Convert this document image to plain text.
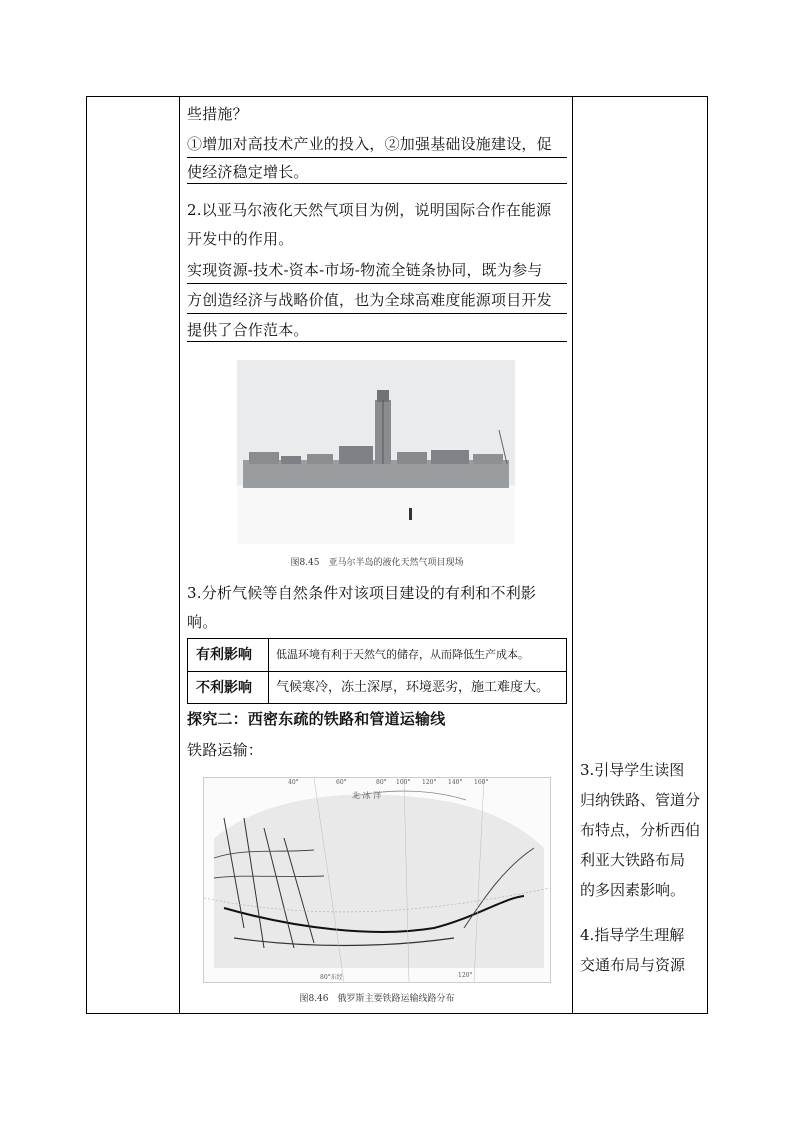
些措施？
①增加对高技术产业的投入，②加强基础设施建设，促
使经济稳定增长。
2.以亚马尔液化天然气项目为例，说明国际合作在能源
开发中的作用。
实现资源-技术-资本-市场-物流全链条协同，既为参与
方创造经济与战略价值，也为全球高难度能源项目开发
提供了合作范本。
图8.45　亚马尔半岛的液化天然气项目现场
3.分析气候等自然条件对该项目建设的有利和不利影
响。
有利影响 低温环境有利于天然气的储存，从而降低生产成本。
不利影响 气候寒冷，冻土深厚，环境恶劣，施工难度大。
探究二：西密东疏的铁路和管道运输线
铁路运输：
北 冰 洋
40°	60°	80° 100° 120° 140° 160°
80°东经	120°
图8.46　俄罗斯主要铁路运输线路分布
3.引导学生读图
归纳铁路、管道分
布特点，分析西伯
利亚大铁路布局
的多因素影响。
4.指导学生理解
交通布局与资源
